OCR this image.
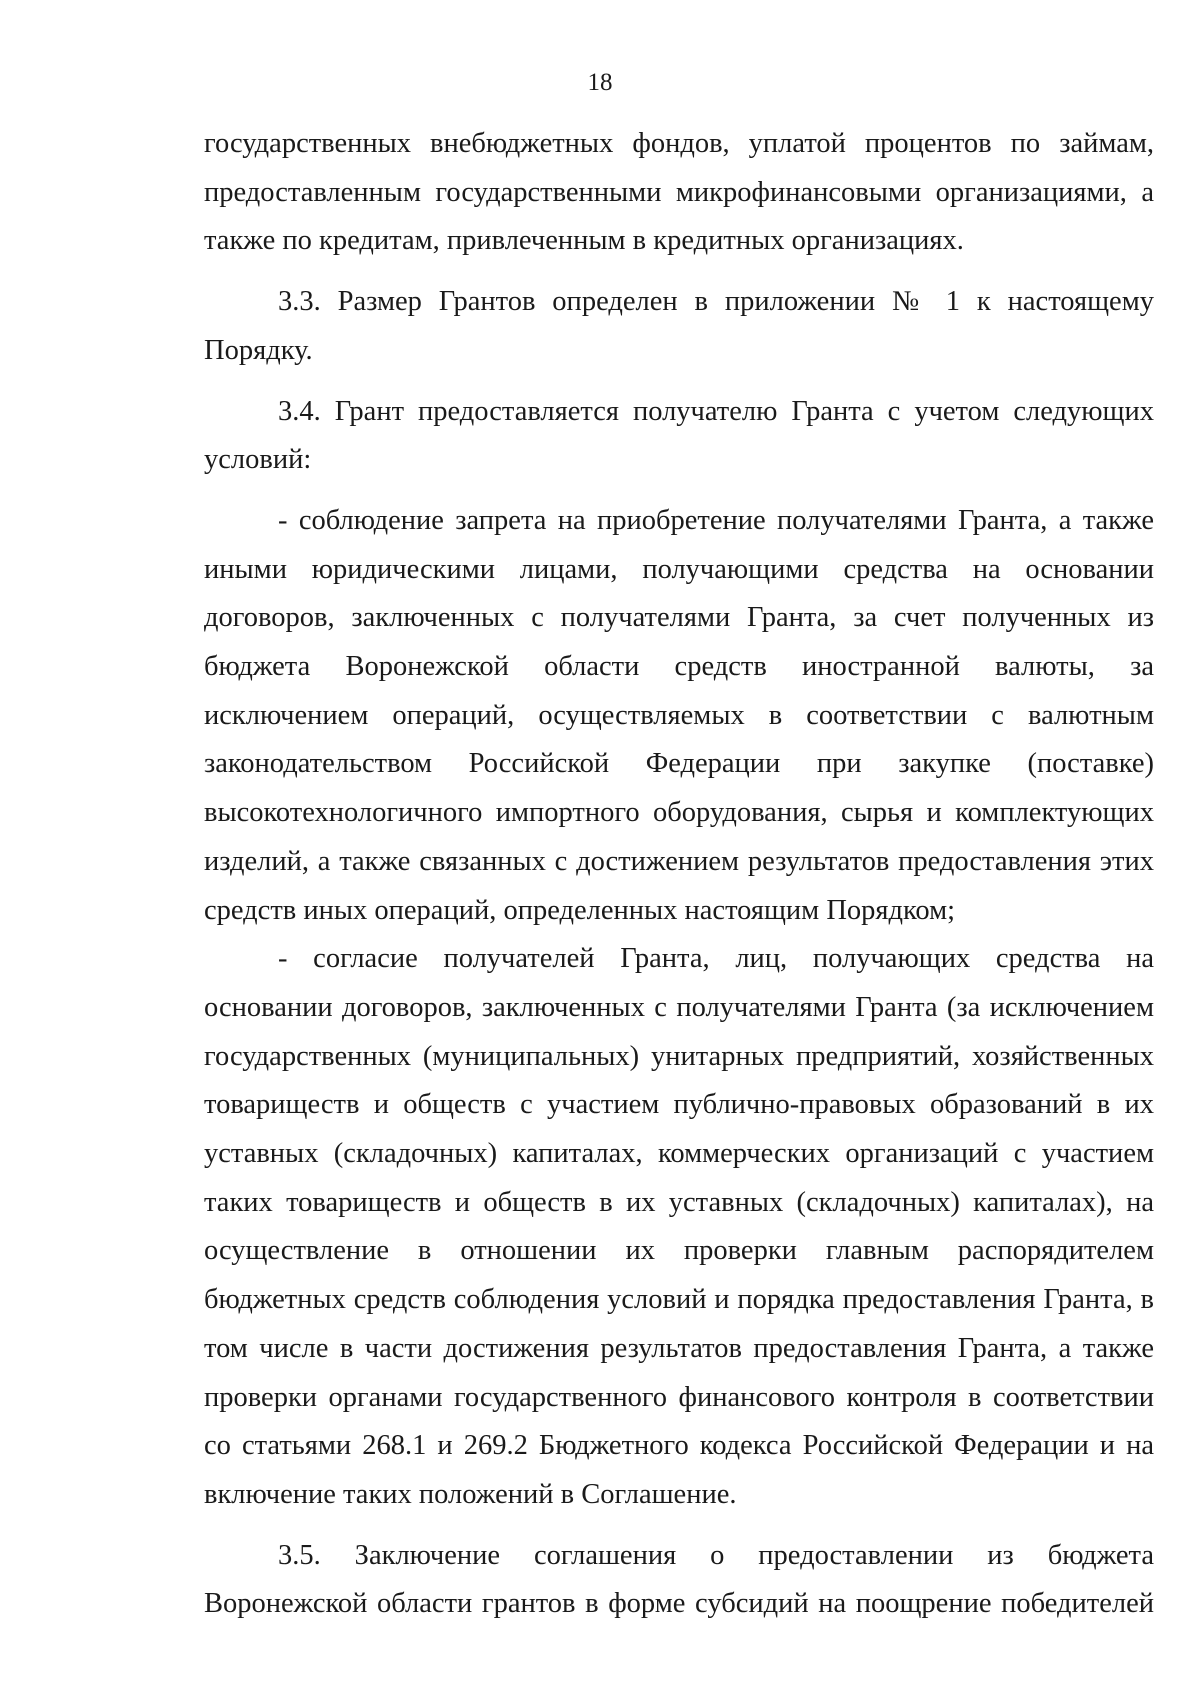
18

государственных внебюджетных фондов, уплатой процентов по займам, предоставленным государственными микрофинансовыми организациями, а также по кредитам, привлеченным в кредитных организациях.

3.3. Размер Грантов определен в приложении № 1 к настоящему Порядку.

3.4. Грант предоставляется получателю Гранта с учетом следующих условий:

- соблюдение запрета на приобретение получателями Гранта, а также иными юридическими лицами, получающими средства на основании договоров, заключенных с получателями Гранта, за счет полученных из бюджета Воронежской области средств иностранной валюты, за исключением операций, осуществляемых в соответствии с валютным законодательством Российской Федерации при закупке (поставке) высокотехнологичного импортного оборудования, сырья и комплектующих изделий, а также связанных с достижением результатов предоставления этих средств иных операций, определенных настоящим Порядком;

- согласие получателей Гранта, лиц, получающих средства на основании договоров, заключенных с получателями Гранта (за исключением государственных (муниципальных) унитарных предприятий, хозяйственных товариществ и обществ с участием публично-правовых образований в их уставных (складочных) капиталах, коммерческих организаций с участием таких товариществ и обществ в их уставных (складочных) капиталах), на осуществление в отношении их проверки главным распорядителем бюджетных средств соблюдения условий и порядка предоставления Гранта, в том числе в части достижения результатов предоставления Гранта, а также проверки органами государственного финансового контроля в соответствии со статьями 268.1 и 269.2 Бюджетного кодекса Российской Федерации и на включение таких положений в Соглашение.

3.5. Заключение соглашения о предоставлении из бюджета Воронежской области грантов в форме субсидий на поощрение победителей
